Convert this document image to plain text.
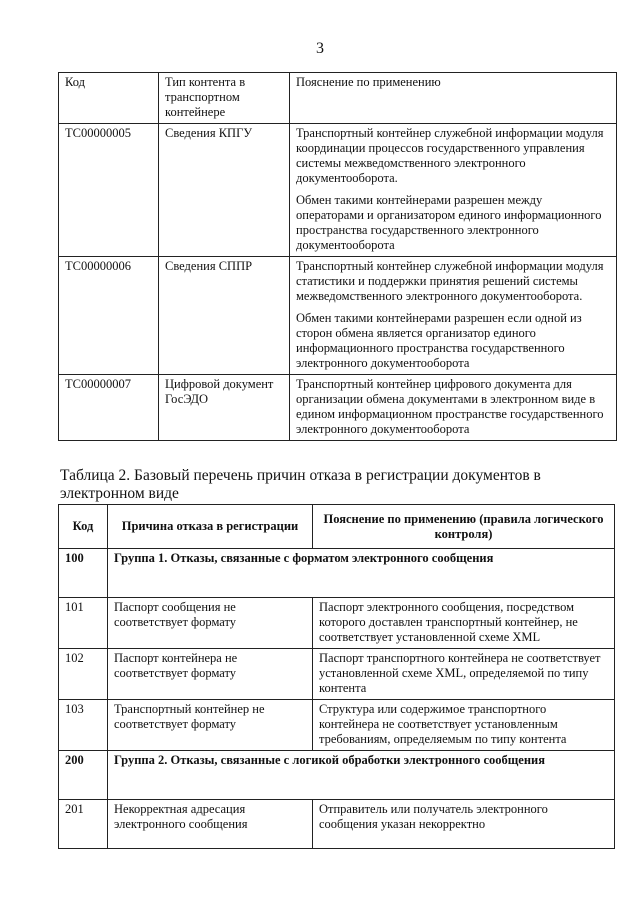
3
Код	Тип контента в транспортном контейнере	Пояснение по применению
TC00000005	Сведения КПГУ	Транспортный контейнер служебной информации модуля координации процессов государственного управления системы межведомственного электронного документооборота.

Обмен такими контейнерами разрешен между операторами и организатором единого информационного пространства государственного электронного документооборота

TC00000006	Сведения СППР	Транспортный контейнер служебной информации модуля статистики и поддержки принятия решений системы межведомственного электронного документооборота.

Обмен такими контейнерами разрешен если одной из сторон обмена является организатор единого информационного пространства государственного электронного документооборота

TC00000007	Цифровой документ ГосЭДО	Транспортный контейнер цифрового документа для организации обмена документами в электронном виде в едином информационном пространстве государственного электронного документооборота

Таблица 2. Базовый перечень причин отказа в регистрации документов в электронном виде
Код	Причина отказа в регистрации	Пояснение по применению (правила логического контроля)
100	Группа 1. Отказы, связанные с форматом электронного сообщения	
101	Паспорт сообщения не соответствует формату	Паспорт электронного сообщения, посредством которого доставлен транспортный контейнер, не соответствует установленной схеме XML
102	Паспорт контейнера не соответствует формату	Паспорт транспортного контейнера не соответствует установленной схеме XML, определяемой по типу контента
103	Транспортный контейнер не соответствует формату	Структура или содержимое транспортного контейнера не соответствует установленным требованиям, определяемым по типу контента
200	Группа 2. Отказы, связанные с логикой обработки электронного сообщения	
201	Некорректная адресация электронного сообщения	Отправитель или получатель электронного сообщения указан некорректно
